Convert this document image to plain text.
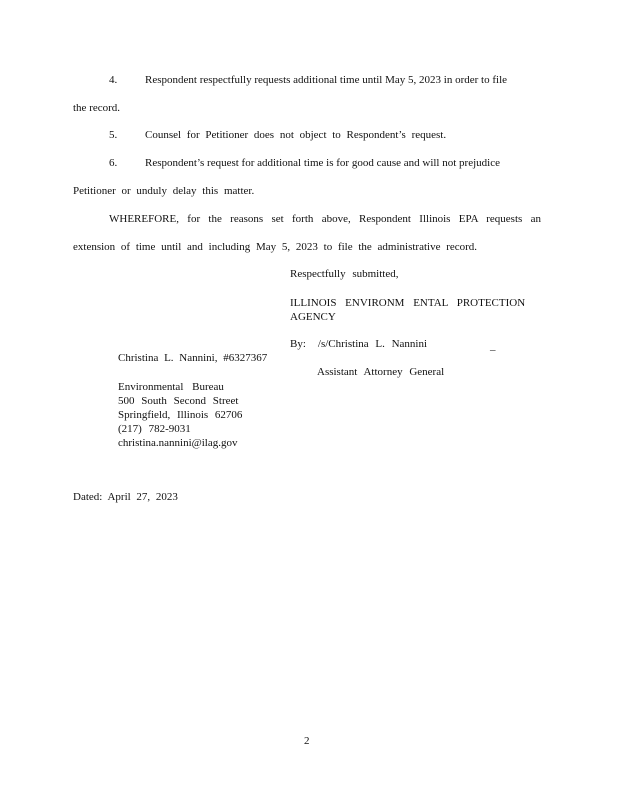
4.	Respondent respectfully requests additional time until May 5, 2023 in order to file
the record.
5.	Counsel for Petitioner does not object to Respondent’s request.
6.	Respondent’s request for additional time is for good cause and will not prejudice
Petitioner or unduly delay this matter.
WHEREFORE, for the reasons set forth above, Respondent Illinois EPA requests an
extension of time until and including May 5, 2023 to file the administrative record.
Respectfully submitted,
ILLINOIS ENVIRONM ENTAL PROTECTION
AGENCY
By: /s/Christina L. Nannini	_
Christina L. Nannini, #6327367
Assistant Attorney General
Environmental Bureau
500 South Second Street
Springfield, Illinois 62706
(217) 782-9031
christina.nannini@ilag.gov
Dated: April 27, 2023
2
